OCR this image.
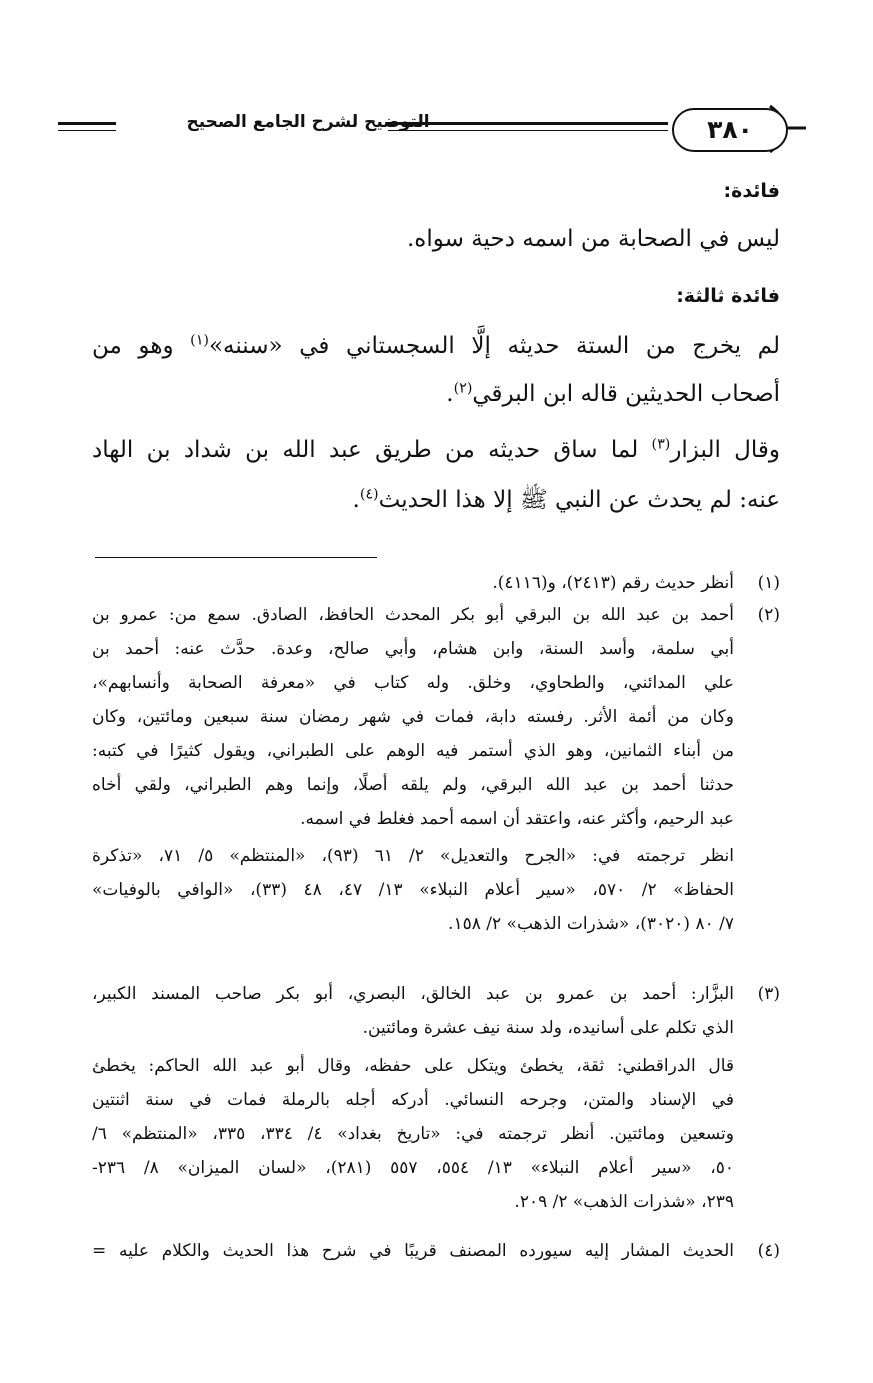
التوضيح لشرح الجامع الصحيح	٣٨٠
فائدة:
ليس في الصحابة من اسمه دحية سواه.
فائدة ثالثة:
لم يخرج من الستة حديثه إلَّا السجستاني في «سننه»$^{(١)}$ وهو من
أصحاب الحديثين قاله ابن البرقي$^{(٢)}$.
وقال البزار$^{(٣)}$ لما ساق حديثه من طريق عبد الله بن شداد بن الهاد
عنه: لم يحدث عن النبي ﷺ إلا هذا الحديث$^{(٤)}$.
(١)
أنظر حديث رقم (٢٤١٣)، و(٤١١٦).
(٢)
أحمد بن عبد الله بن البرقي أبو بكر المحدث الحافظ، الصادق. سمع من: عمرو بن
أبي سلمة، وأسد السنة، وابن هشام، وأبي صالح، وعدة. حدَّث عنه: أحمد بن
علي المدائني، والطحاوي، وخلق. وله كتاب في «معرفة الصحابة وأنسابهم»،
وكان من أئمة الأثر. رفسته دابة، فمات في شهر رمضان سنة سبعين ومائتين، وكان
من أبناء الثمانين، وهو الذي أستمر فيه الوهم على الطبراني، ويقول كثيرًا في كتبه:
حدثنا أحمد بن عبد الله البرقي، ولم يلقه أصلًا، وإنما وهم الطبراني، ولقي أخاه
عبد الرحيم، وأكثر عنه، واعتقد أن اسمه أحمد فغلط في اسمه.
انظر ترجمته في: «الجرح والتعديل» ٢/ ٦١ (٩٣)، «المنتظم» ٥/ ٧١، «تذكرة
الحفاظ» ٢/ ٥٧٠، «سير أعلام النبلاء» ١٣/ ٤٧، ٤٨ (٣٣)، «الوافي بالوفيات»
٧/ ٨٠ (٣٠٢٠)، «شذرات الذهب» ٢/ ١٥٨.
(٣)
البزَّار: أحمد بن عمرو بن عبد الخالق، البصري، أبو بكر صاحب المسند الكبير،
الذي تكلم على أسانيده، ولد سنة نيف عشرة ومائتين.
قال الدراقطني: ثقة، يخطئ ويتكل على حفظه، وقال أبو عبد الله الحاكم: يخطئ
في الإسناد والمتن، وجرحه النسائي. أدركه أجله بالرملة فمات في سنة اثنتين
وتسعين ومائتين. أنظر ترجمته في: «تاريخ بغداد» ٤/ ٣٣٤، ٣٣٥، «المنتظم» ٦/
٥٠، «سير أعلام النبلاء» ١٣/ ٥٥٤، ٥٥٧ (٢٨١)، «لسان الميزان» ٨/ ٢٣٦-
٢٣٩، «شذرات الذهب» ٢/ ٢٠٩.
(٤)
الحديث المشار إليه سيورده المصنف قريبًا في شرح هذا الحديث والكلام عليه =
